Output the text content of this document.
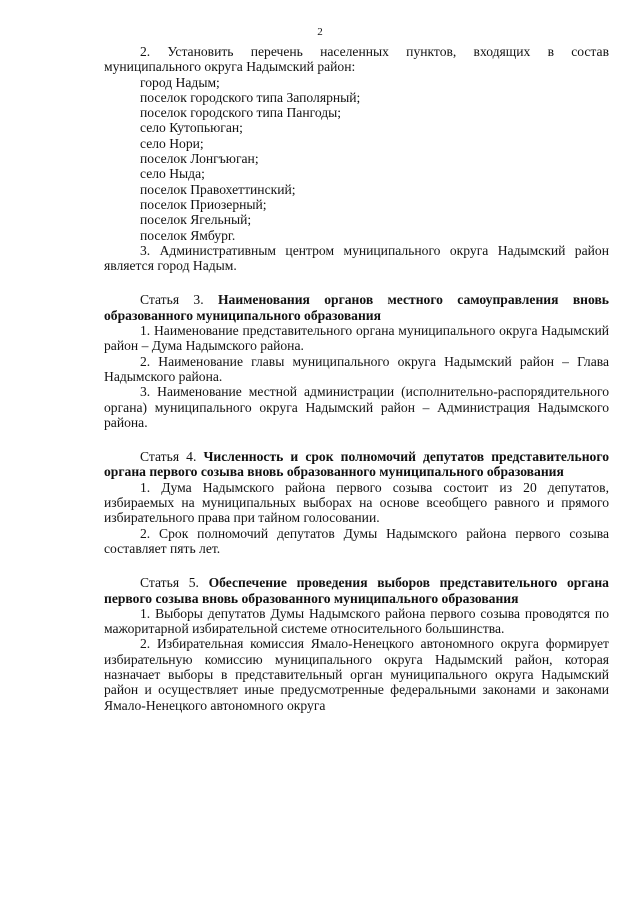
2

2. Установить перечень населенных пунктов, входящих в состав муниципального округа Надымский район:

город Надым;
поселок городского типа Заполярный;
поселок городского типа Пангоды;
село Кутопьюган;
село Нори;
поселок Лонгъюган;
село Ныда;
поселок Правохеттинский;
поселок Приозерный;
поселок Ягельный;
поселок Ямбург.

3. Административным центром муниципального округа Надымский район является город Надым.

Статья 3. Наименования органов местного самоуправления вновь образованного муниципального образования

1. Наименование представительного органа муниципального округа Надымский район – Дума Надымского района.

2. Наименование главы муниципального округа Надымский район – Глава Надымского района.

3. Наименование местной администрации (исполнительно-распорядительного органа) муниципального округа Надымский район – Администрация Надымского района.

Статья 4. Численность и срок полномочий депутатов представительного органа первого созыва вновь образованного муниципального образования

1. Дума Надымского района первого созыва состоит из 20 депутатов, избираемых на муниципальных выборах на основе всеобщего равного и прямого избирательного права при тайном голосовании.

2. Срок полномочий депутатов Думы Надымского района первого созыва составляет пять лет.

Статья 5. Обеспечение проведения выборов представительного органа первого созыва вновь образованного муниципального образования

1. Выборы депутатов Думы Надымского района первого созыва проводятся по мажоритарной избирательной системе относительного большинства.

2. Избирательная комиссия Ямало-Ненецкого автономного округа формирует избирательную комиссию муниципального округа Надымский район, которая назначает выборы в представительный орган муниципального округа Надымский район и осуществляет иные предусмотренные федеральными законами и законами Ямало-Ненецкого автономного округа
